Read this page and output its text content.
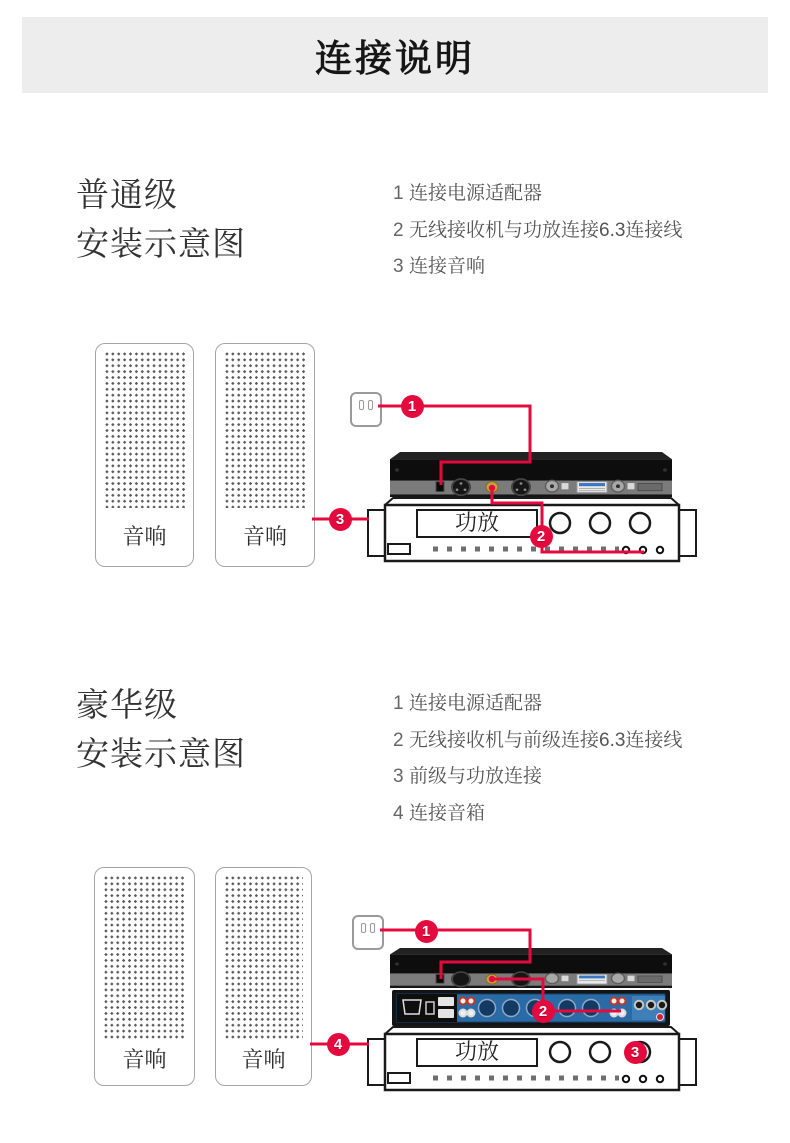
连接说明
普通级
安装示意图
1 连接电源适配器
2 无线接收机与功放连接6.3连接线
3 连接音响
音响	音响
功放
豪华级
安装示意图
1 连接电源适配器
2 无线接收机与前级连接6.3连接线
3 前级与功放连接
4 连接音箱
音响	音响	功放
1
2
3
1
2
3
4
